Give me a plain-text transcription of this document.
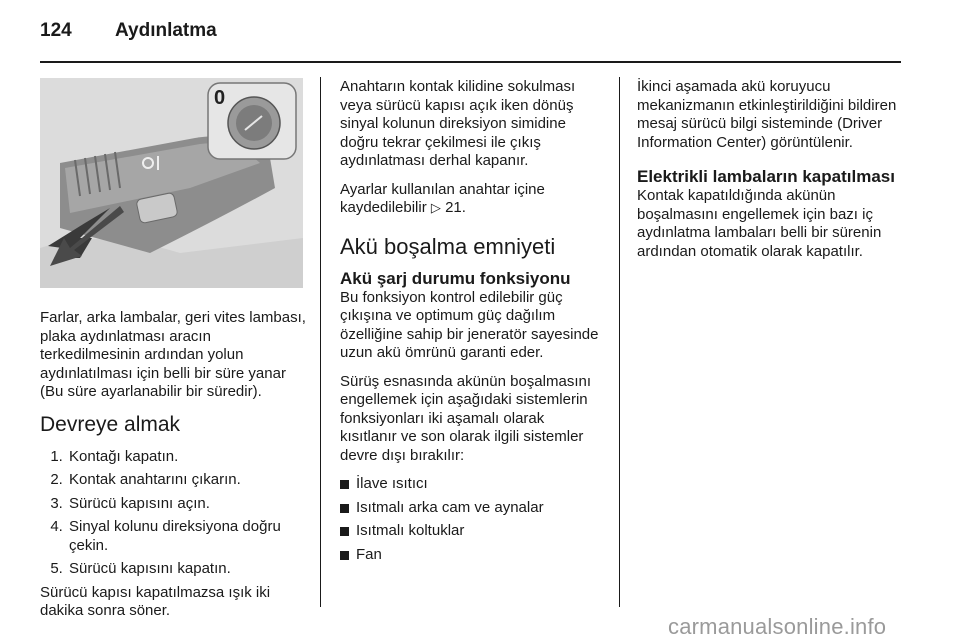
124 Aydınlatma
0

Farlar, arka lambalar, geri vites lambası, plaka aydınlatması aracın terkedilmesinin ardından yolun aydınlatılması için belli bir süre yanar (Bu süre ayarlanabilir bir süredir).

Devreye almak
1. Kontağı kapatın.
2. Kontak anahtarını çıkarın.
3. Sürücü kapısını açın.
4. Sinyal kolunu direksiyona doğru çekin.
5. Sürücü kapısını kapatın.

Sürücü kapısı kapatılmazsa ışık iki dakika sonra söner.

Anahtarın kontak kilidine sokulması veya sürücü kapısı açık iken dönüş sinyal kolunun direksiyon simidine doğru tekrar çekilmesi ile çıkış aydınlatması derhal kapanır.

Ayarlar kullanılan anahtar içine kaydedilebilir ▷ 21.

Akü boşalma emniyeti
Akü şarj durumu fonksiyonu

Bu fonksiyon kontrol edilebilir güç çıkışına ve optimum güç dağılım özelliğine sahip bir jeneratör sayesinde uzun akü ömrünü garanti eder.

Sürüş esnasında akünün boşalmasını engellemek için aşağıdaki sistemlerin fonksiyonları iki aşamalı olarak kısıtlanır ve son olarak ilgili sistemler devre dışı bırakılır:

İlave ısıtıcı
Isıtmalı arka cam ve aynalar
Isıtmalı koltuklar
Fan

İkinci aşamada akü koruyucu mekanizmanın etkinleştirildiğini bildiren mesaj sürücü bilgi sisteminde (Driver Information Center) görüntülenir.

Elektrikli lambaların kapatılması

Kontak kapatıldığında akünün boşalmasını engellemek için bazı iç aydınlatma lambaları belli bir sürenin ardından otomatik olarak kapatılır.

carmanualsonline.info
